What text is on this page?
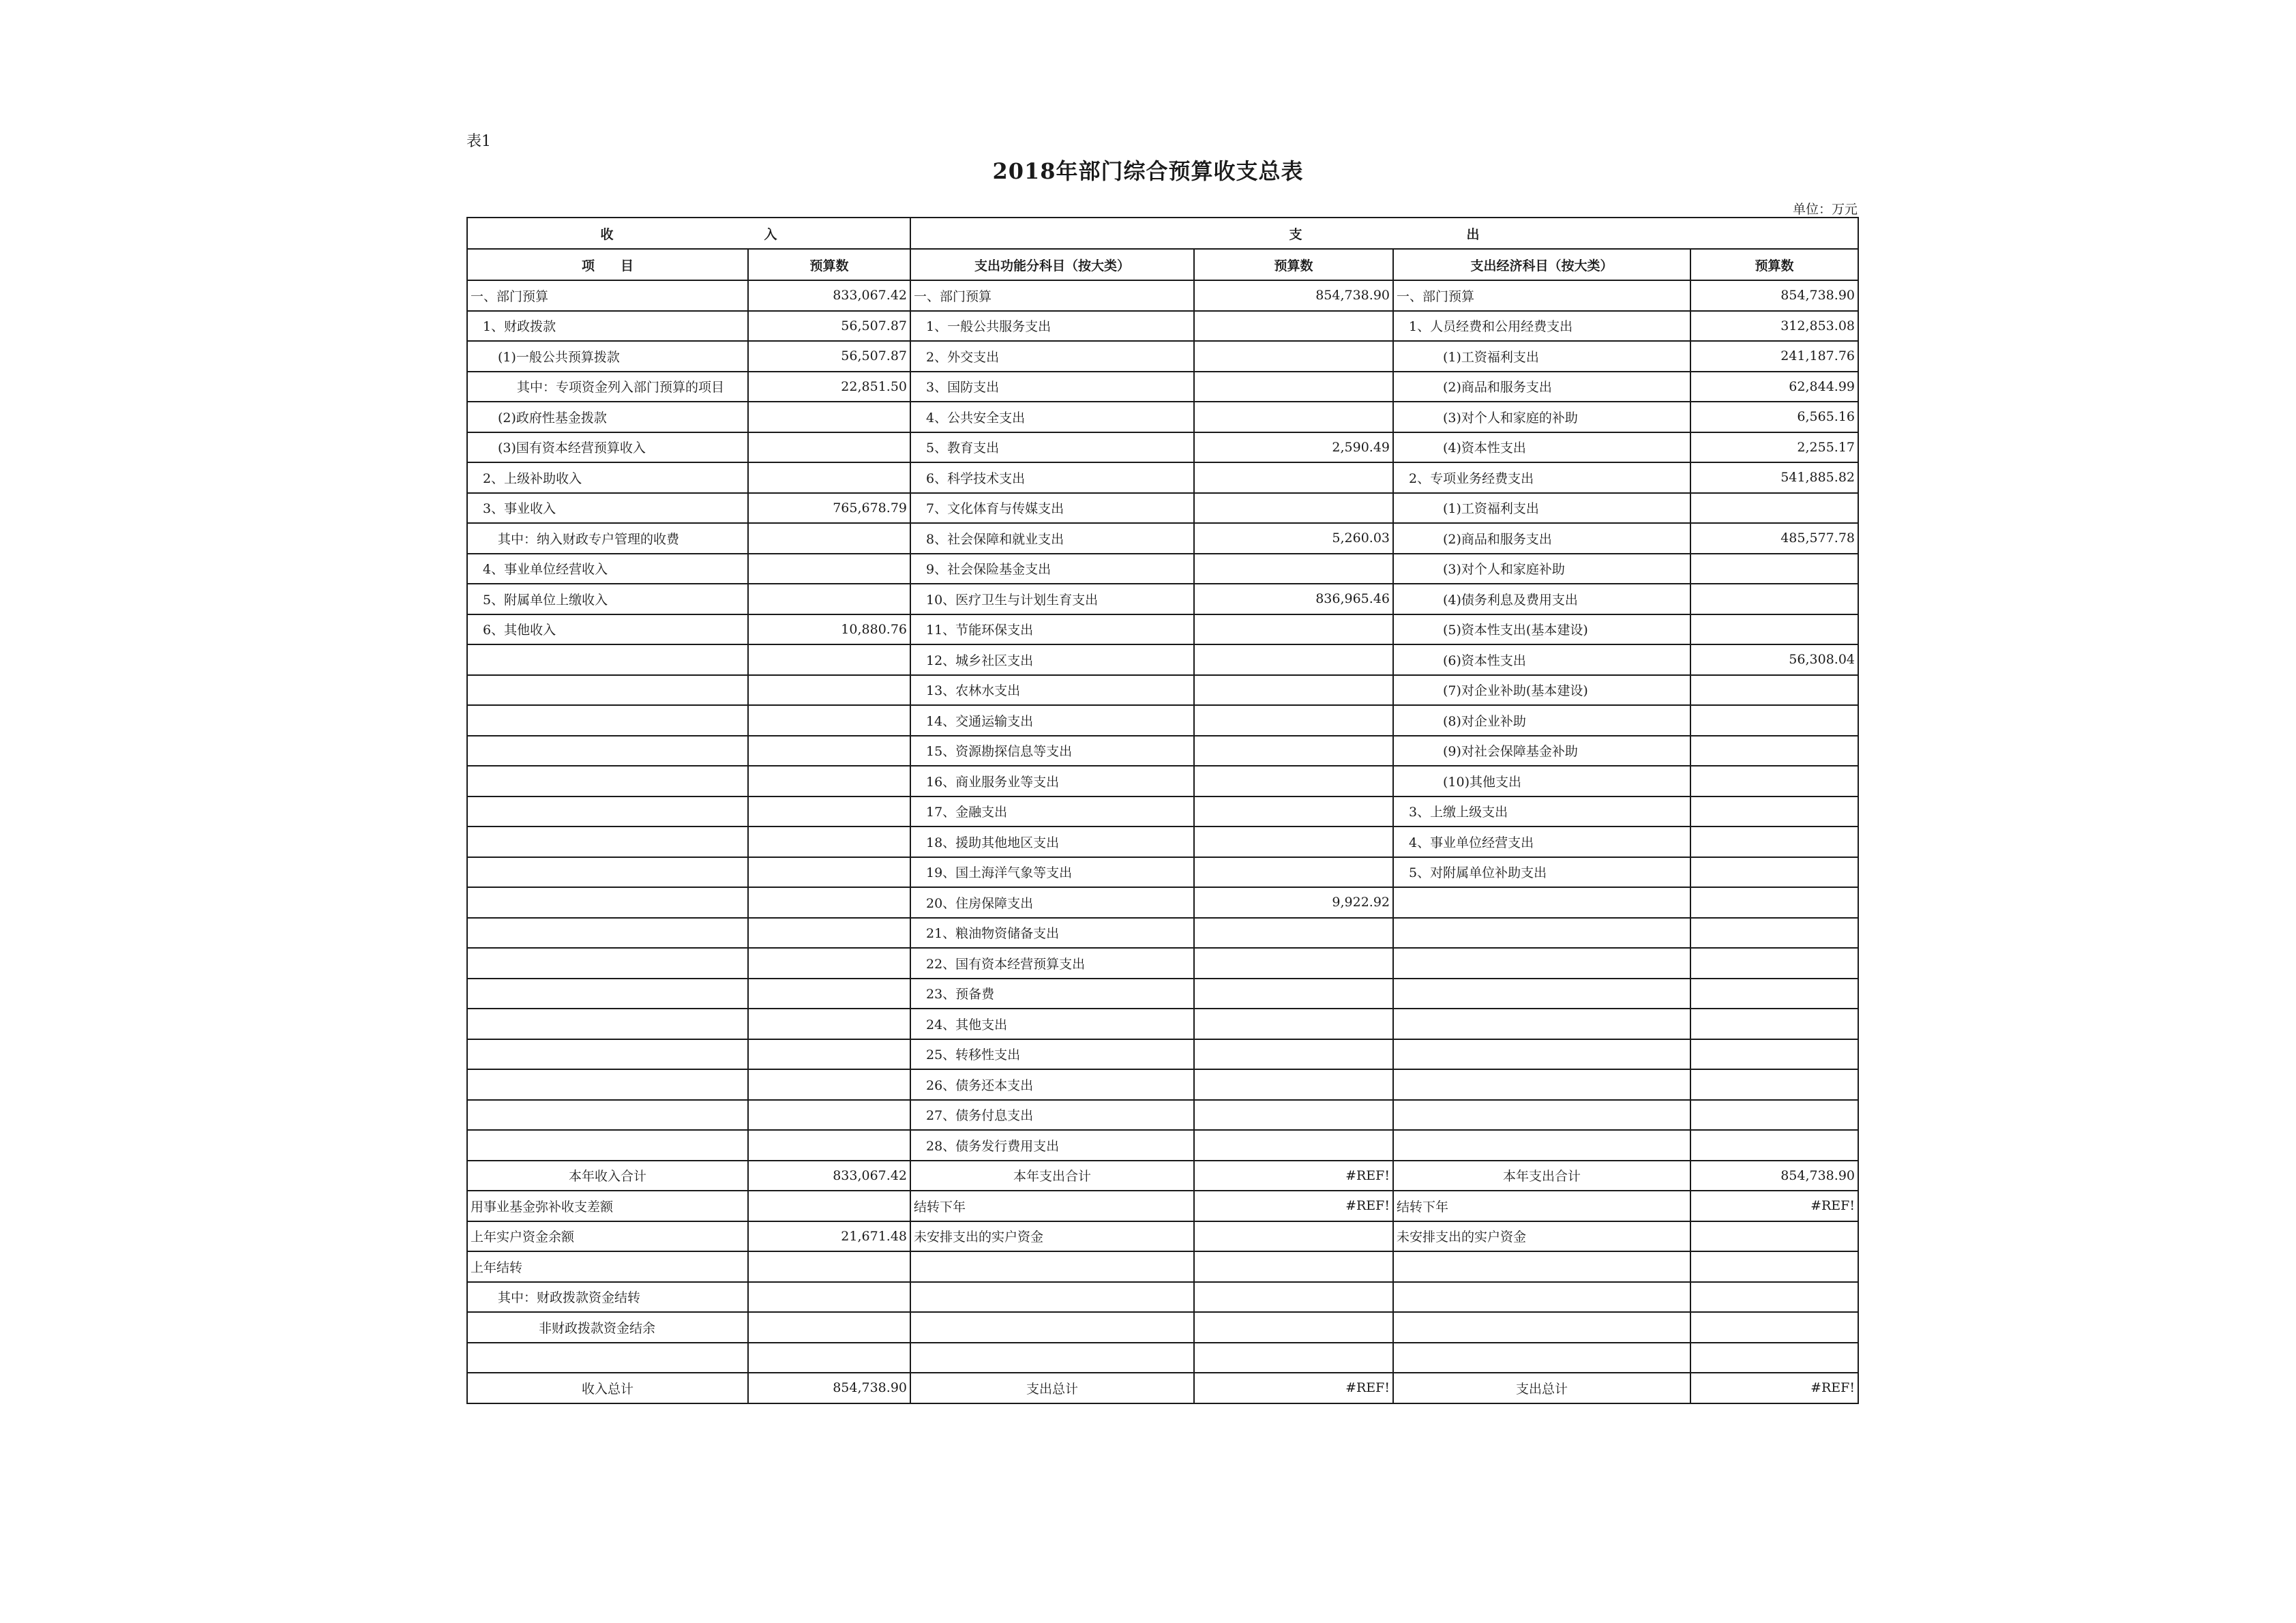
表1
2018年部门综合预算收支总表
单位：万元
收 入		支 出			
项　　目	预算数	支出功能分科目（按大类）	预算数	支出经济科目（按大类）	预算数
一、部门预算	833,067.42	一、部门预算	854,738.90	一、部门预算	854,738.90
1、财政拨款	56,507.87	1、一般公共服务支出		1、人员经费和公用经费支出	312,853.08
(1)一般公共预算拨款	56,507.87	2、外交支出		(1)工资福利支出	241,187.76
其中：专项资金列入部门预算的项目	22,851.50	3、国防支出		(2)商品和服务支出	62,844.99
(2)政府性基金拨款		4、公共安全支出		(3)对个人和家庭的补助	6,565.16
(3)国有资本经营预算收入		5、教育支出	2,590.49	(4)资本性支出	2,255.17
2、上级补助收入		6、科学技术支出		2、专项业务经费支出	541,885.82
3、事业收入	765,678.79	7、文化体育与传媒支出		(1)工资福利支出	
其中：纳入财政专户管理的收费		8、社会保障和就业支出	5,260.03	(2)商品和服务支出	485,577.78
4、事业单位经营收入		9、社会保险基金支出		(3)对个人和家庭补助	
5、附属单位上缴收入		10、医疗卫生与计划生育支出	836,965.46	(4)债务利息及费用支出	
6、其他收入	10,880.76	11、节能环保支出		(5)资本性支出(基本建设)	
		12、城乡社区支出		(6)资本性支出	56,308.04
		13、农林水支出		(7)对企业补助(基本建设)	
		14、交通运输支出		(8)对企业补助	
		15、资源勘探信息等支出		(9)对社会保障基金补助	
		16、商业服务业等支出		(10)其他支出	
		17、金融支出		3、上缴上级支出	
		18、援助其他地区支出		4、事业单位经营支出	
		19、国土海洋气象等支出		5、对附属单位补助支出	
		20、住房保障支出	9,922.92		
		21、粮油物资储备支出			
		22、国有资本经营预算支出			
		23、预备费			
		24、其他支出			
		25、转移性支出			
		26、债务还本支出			
		27、债务付息支出			
		28、债务发行费用支出			
本年收入合计	833,067.42	本年支出合计	#REF!	本年支出合计	854,738.90
用事业基金弥补收支差额		结转下年	#REF!	结转下年	#REF!
上年实户资金余额	21,671.48	未安排支出的实户资金		未安排支出的实户资金	
上年结转					
其中：财政拨款资金结转					
非财政拨款资金结余					

收入总计	854,738.90	支出总计	#REF!	支出总计	#REF!
